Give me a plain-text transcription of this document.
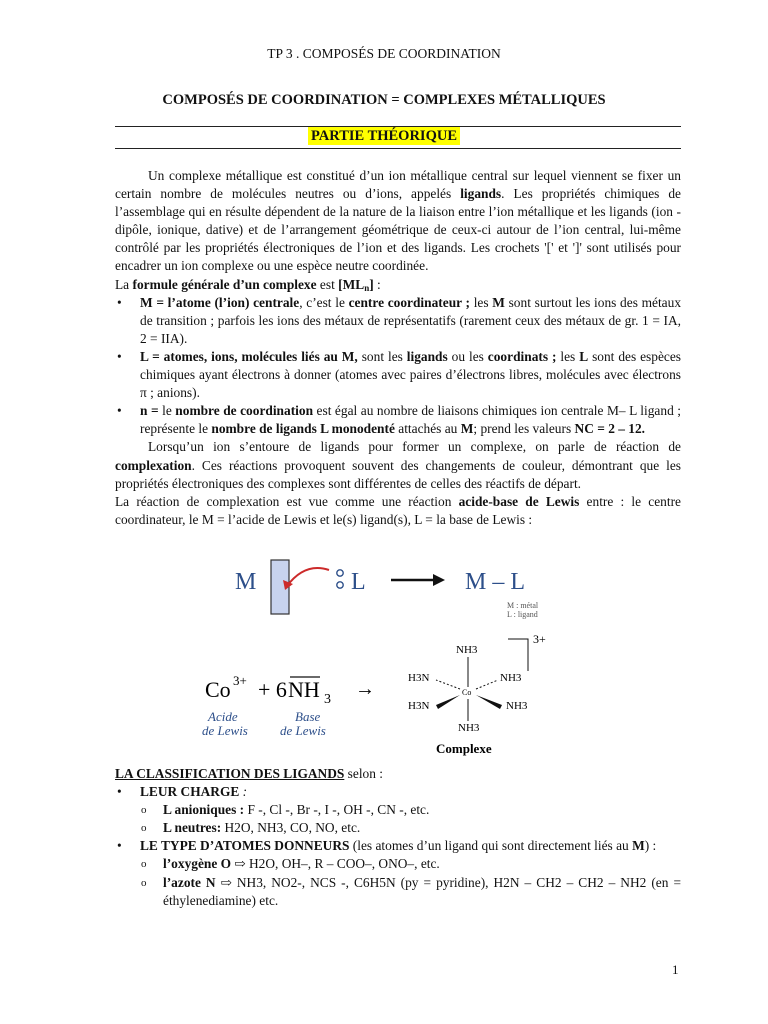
TP 3 . COMPOSÉS DE COORDINATION
COMPOSÉS DE COORDINATION = COMPLEXES MÉTALLIQUES
PARTIE THÉORIQUE

Un complexe métallique est constitué d’un ion métallique central sur lequel viennent se fixer un certain nombre de molécules neutres ou d’ions, appelés ligands. Les propriétés chimiques de l’assemblage qui en résulte dépendent de la nature de la liaison entre l’ion métallique et les ligands (ion - dipôle, ionique, dative) et de l’arrangement géométrique de ceux-ci autour de l’ion central, lui-même contrôlé par les propriétés électroniques de l’ion et des ligands. Les crochets '[' et ']' sont utilisés pour encadrer un ion complexe ou une espèce neutre coordinée.

La formule générale d’un complexe est $[ML_n]$ :

• M = l’atome (l’ion) centrale, c’est le centre coordinateur ; les M sont surtout les ions des métaux de transition ; parfois les ions des métaux de représentatifs (rarement ceux des métaux de gr. 1 = IA, 2 = IIA).

• L = atomes, ions, molécules liés au M, sont les ligands ou les coordinats ; les L sont des espèces chimiques ayant électrons à donner (atomes avec paires d’électrons libres, molécules avec électrons π ; anions).

• n = le nombre de coordination est égal au nombre de liaisons chimiques ion centrale M– L ligand ; représente le nombre de ligands L monodenté attachés au M; prend les valeurs NC = 2 – 12.

Lorsqu’un ion s’entoure de ligands pour former un complexe, on parle de réaction de complexation. Ces réactions provoquent souvent des changements de couleur, démontrant que les propriétés électroniques des complexes sont différentes de celles des réactifs de départ.

La réaction de complexation est vue comme une réaction acide-base de Lewis entre : le centre coordinateur, le M = l’acide de Lewis et le(s) ligand(s), L = la base de Lewis :

M	L	M – L
M : métal
L : ligand
Co 3+ + 6 NH 3 →
Acide
de Lewis
Base
de Lewis
NH3
H3N	NH3
H3N	NH3
NH3
Co
3+
Complexe

LA CLASSIFICATION DES LIGANDS selon :

• LEUR CHARGE :

o L anioniques : F -, Cl -, Br -, I -, OH -, CN -, etc.

o L neutres: H2O, NH3, CO, NO, etc.

• LE TYPE D’ATOMES DONNEURS (les atomes d’un ligand qui sont directement liés au M) :

o l’oxygène O ⇨ H2O, OH–, R – COO–, ONO–, etc.

o l’azote N ⇨ NH3, NO2-, NCS -, C6H5N (py = pyridine), H2N – CH2 – CH2 – NH2 (en = éthylenediamine) etc.

1
